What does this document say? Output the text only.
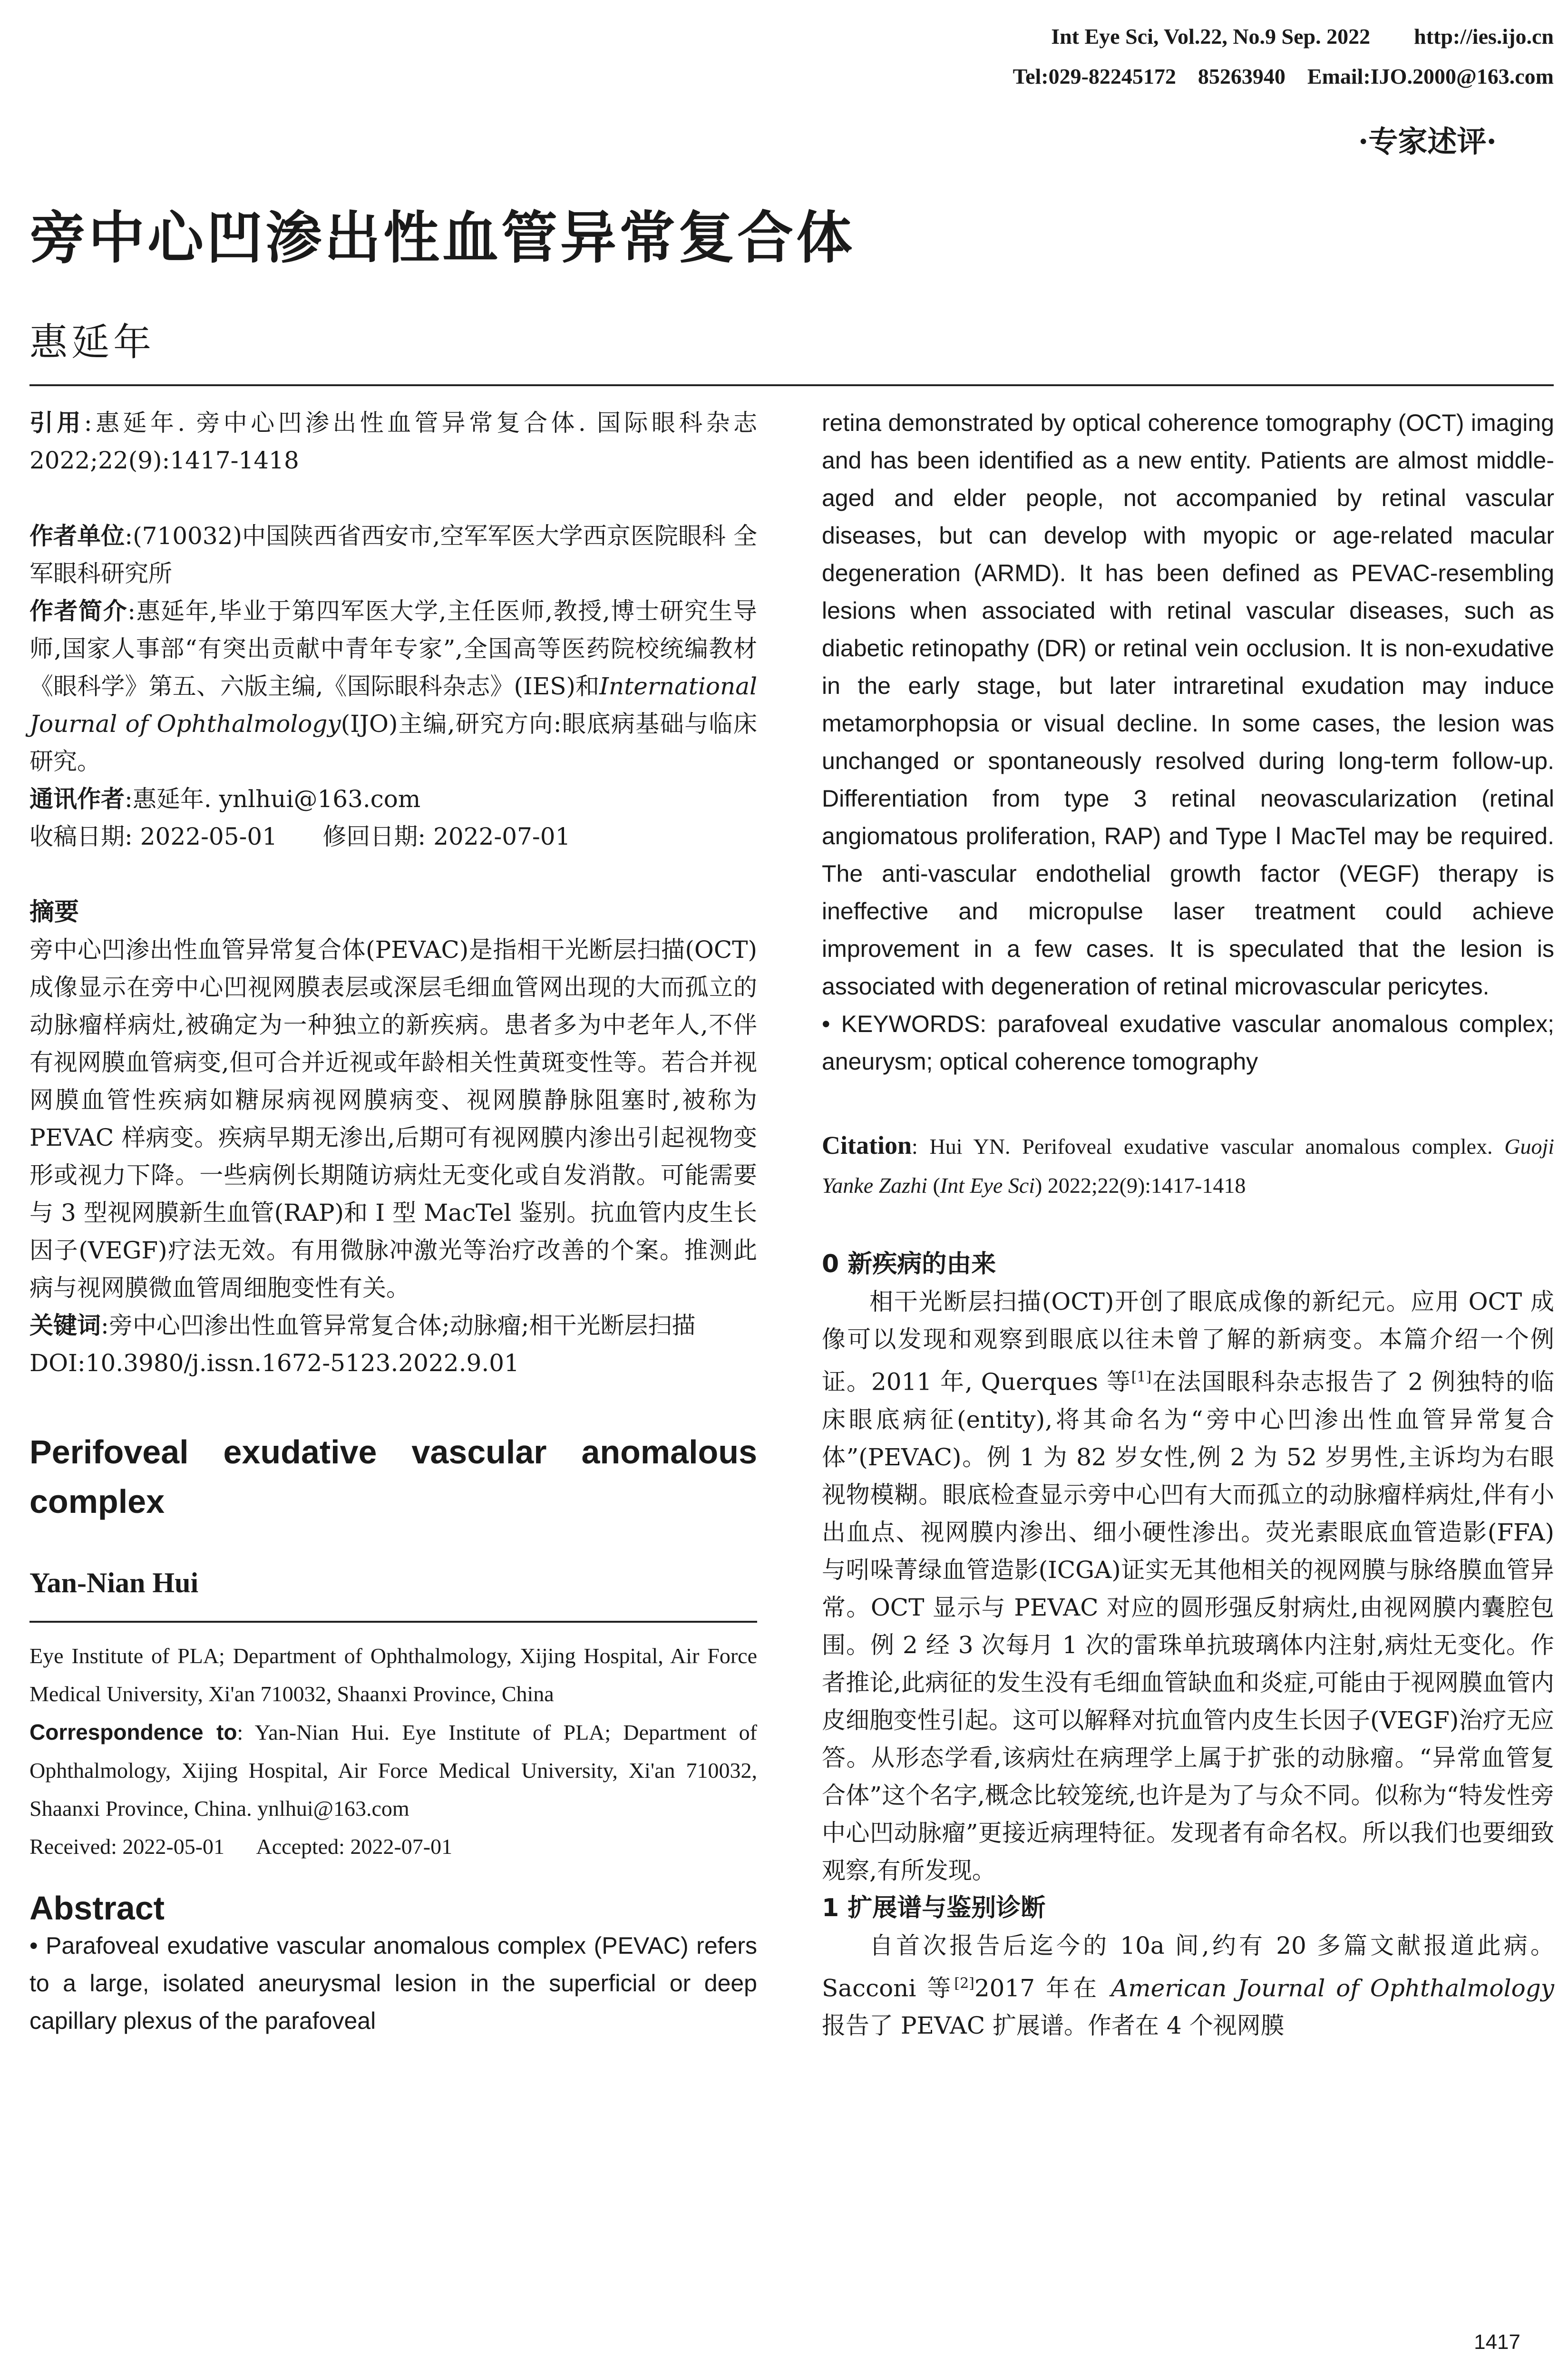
Int Eye Sci, Vol.22, No.9 Sep. 2022        http://ies.ijo.cn
Tel:029-82245172    85263940    Email:IJO.2000@163.com
·专家述评·
旁中心凹渗出性血管异常复合体
惠延年

引用:惠延年. 旁中心凹渗出性血管异常复合体. 国际眼科杂志 2022;22(9):1417-1418

作者单位:(710032)中国陕西省西安市,空军军医大学西京医院眼科 全军眼科研究所

作者简介:惠延年,毕业于第四军医大学,主任医师,教授,博士研究生导师,国家人事部“有突出贡献中青年专家”,全国高等医药院校统编教材《眼科学》第五、六版主编,《国际眼科杂志》(IES)和International Journal of Ophthalmology(IJO)主编,研究方向:眼底病基础与临床研究。

通讯作者:惠延年. ynlhui@163.com

收稿日期: 2022-05-01      修回日期: 2022-07-01

摘要

旁中心凹渗出性血管异常复合体(PEVAC)是指相干光断层扫描(OCT)成像显示在旁中心凹视网膜表层或深层毛细血管网出现的大而孤立的动脉瘤样病灶,被确定为一种独立的新疾病。患者多为中老年人,不伴有视网膜血管病变,但可合并近视或年龄相关性黄斑变性等。若合并视网膜血管性疾病如糖尿病视网膜病变、视网膜静脉阻塞时,被称为 PEVAC 样病变。疾病早期无渗出,后期可有视网膜内渗出引起视物变形或视力下降。一些病例长期随访病灶无变化或自发消散。可能需要与 3 型视网膜新生血管(RAP)和 Ⅰ 型 MacTel 鉴别。抗血管内皮生长因子(VEGF)疗法无效。有用微脉冲激光等治疗改善的个案。推测此病与视网膜微血管周细胞变性有关。

关键词:旁中心凹渗出性血管异常复合体;动脉瘤;相干光断层扫描

DOI:10.3980/j.issn.1672-5123.2022.9.01

Perifoveal exudative vascular anomalous complex

Yan-Nian Hui

Eye Institute of PLA; Department of Ophthalmology, Xijing Hospital, Air Force Medical University, Xi'an 710032, Shaanxi Province, China

Correspondence to: Yan-Nian Hui. Eye Institute of PLA; Department of Ophthalmology, Xijing Hospital, Air Force Medical University, Xi'an 710032, Shaanxi Province, China. ynlhui@163.com

Received: 2022-05-01      Accepted: 2022-07-01

Abstract

• Parafoveal exudative vascular anomalous complex (PEVAC) refers to a large, isolated aneurysmal lesion in the superficial or deep capillary plexus of the parafoveal

retina demonstrated by optical coherence tomography (OCT) imaging and has been identified as a new entity. Patients are almost middle-aged and elder people, not accompanied by retinal vascular diseases, but can develop with myopic or age-related macular degeneration (ARMD). It has been defined as PEVAC-resembling lesions when associated with retinal vascular diseases, such as diabetic retinopathy (DR) or retinal vein occlusion. It is non-exudative in the early stage, but later intraretinal exudation may induce metamorphopsia or visual decline. In some cases, the lesion was unchanged or spontaneously resolved during long-term follow-up. Differentiation from type 3 retinal neovascularization (retinal angiomatous proliferation, RAP) and Type Ⅰ MacTel may be required. The anti-vascular endothelial growth factor (VEGF) therapy is ineffective and micropulse laser treatment could achieve improvement in a few cases. It is speculated that the lesion is associated with degeneration of retinal microvascular pericytes.

• KEYWORDS: parafoveal exudative vascular anomalous complex; aneurysm; optical coherence tomography

Citation: Hui YN. Perifoveal exudative vascular anomalous complex. Guoji Yanke Zazhi (Int Eye Sci) 2022;22(9):1417-1418

0 新疾病的由来

相干光断层扫描(OCT)开创了眼底成像的新纪元。应用 OCT 成像可以发现和观察到眼底以往未曾了解的新病变。本篇介绍一个例证。2011 年, Querques 等[1]在法国眼科杂志报告了 2 例独特的临床眼底病征(entity),将其命名为“旁中心凹渗出性血管异常复合体”(PEVAC)。例 1 为 82 岁女性,例 2 为 52 岁男性,主诉均为右眼视物模糊。眼底检查显示旁中心凹有大而孤立的动脉瘤样病灶,伴有小出血点、视网膜内渗出、细小硬性渗出。荧光素眼底血管造影(FFA)与吲哚菁绿血管造影(ICGA)证实无其他相关的视网膜与脉络膜血管异常。OCT 显示与 PEVAC 对应的圆形强反射病灶,由视网膜内囊腔包围。例 2 经 3 次每月 1 次的雷珠单抗玻璃体内注射,病灶无变化。作者推论,此病征的发生没有毛细血管缺血和炎症,可能由于视网膜血管内皮细胞变性引起。这可以解释对抗血管内皮生长因子(VEGF)治疗无应答。从形态学看,该病灶在病理学上属于扩张的动脉瘤。“异常血管复合体”这个名字,概念比较笼统,也许是为了与众不同。似称为“特发性旁中心凹动脉瘤”更接近病理特征。发现者有命名权。所以我们也要细致观察,有所发现。

1 扩展谱与鉴别诊断

自首次报告后迄今的 10a 间,约有 20 多篇文献报道此病。Sacconi 等[2]2017 年在 American Journal of Ophthalmology 报告了 PEVAC 扩展谱。作者在 4 个视网膜

1417
